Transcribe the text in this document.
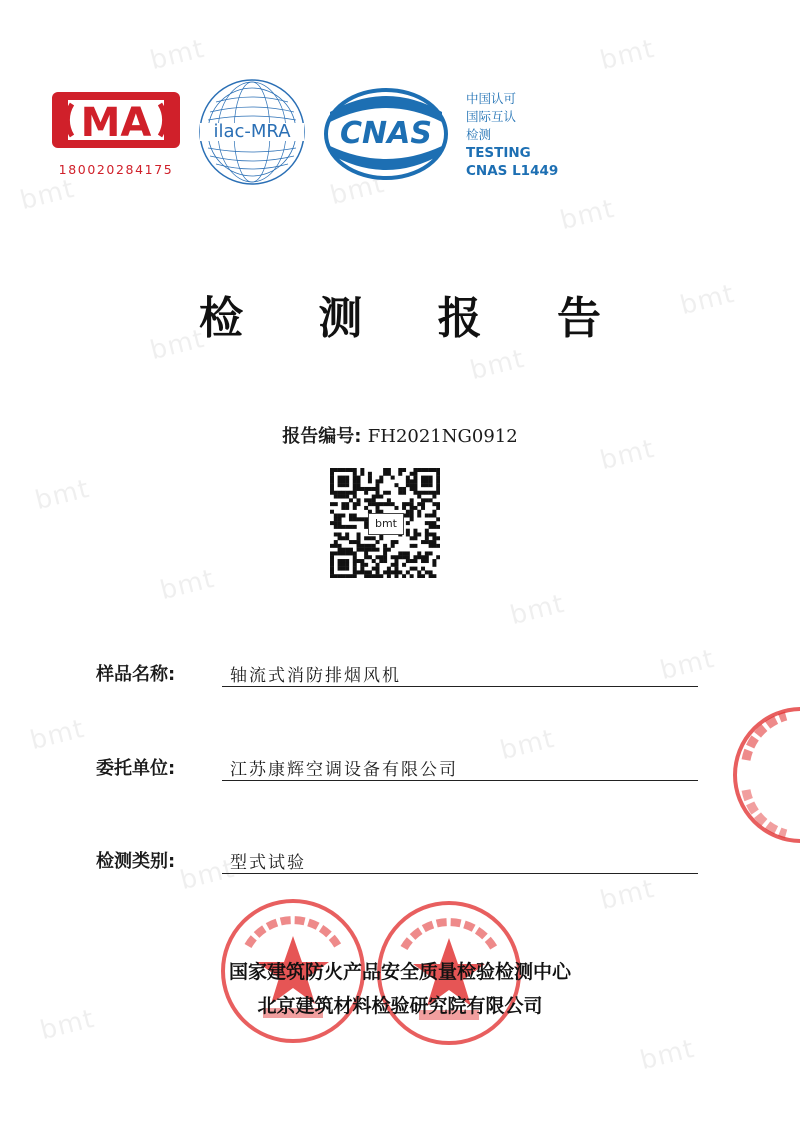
bmt	bmt
bmt	bmt
bmt
bmt	bmt
bmt
bmt
bmt
bmt
bmt
bmt	bmt
bmt
bmt	bmt
bmt
bmt
MA
180020284175
ilac-MRA	CNAS
中国认可
国际互认
检测
TESTING
CNAS L1449
检 测 报 告
报告编号: FH2021NG0912
bmt
样品名称:	轴流式消防排烟风机
委托单位:	江苏康辉空调设备有限公司
检测类别:	型式试验
国家建筑防火产品安全质量检验检测中心
北京建筑材料检验研究院有限公司
